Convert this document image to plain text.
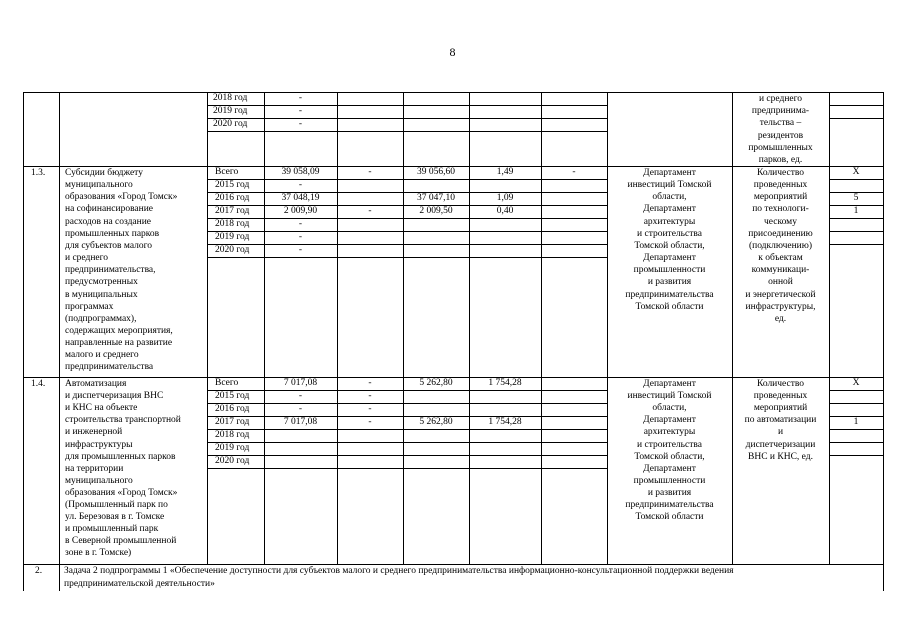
8
2018 год
2019 год
2020 год
-
-
-
и среднего
предпринима-
тельства –
резидентов
промышленных
парков, ед.
1.3. Субсидии бюджету
муниципального
образования «Город Томск»
на софинансирование
расходов на создание
промышленных парков
для субъектов малого
и среднего
предпринимательства,
предусмотренных
в муниципальных
программах
(подпрограммах),
содержащих мероприятия,
направленные на развитие
малого и среднего
предпринимательства
Всего
2015 год
2016 год
2017 год
2018 год
2019 год
2020 год
39 058,09
-
37 048,19
2 009,90
-
-
-
-
-
39 056,60
37 047,10
2 009,50
1,49
1,09
0,40
-	Департамент
инвестиций Томской
области,
Департамент
архитектуры
и строительства
Томской области,
Департамент
промышленности
и развития
предпринимательства
Томской области
Количество
проведенных
мероприятий
по технологи-
ческому
присоединению
(подключению)
к объектам
коммуникаци-
онной
и энергетической
инфраструктуры,
ед.
Х
5
1
1.4. Автоматизация
и диспетчеризация ВНС
и КНС на объекте
строительства транспортной
и инженерной
инфраструктуры
для промышленных парков
на территории
муниципального
образования «Город Томск»
(Промышленный парк по
ул. Березовая в г. Томске
и промышленный парк
в Северной промышленной
зоне в г. Томске)
Всего
2015 год
2016 год
2017 год
2018 год
2019 год
2020 год
7 017,08
-
-
7 017,08
-
-
-
-
5 262,80
5 262,80
1 754,28
1 754,28
Департамент
инвестиций Томской
области,
Департамент
архитектуры
и строительства
Томской области,
Департамент
промышленности
и развития
предпринимательства
Томской области
Количество
проведенных
мероприятий
по автоматизации
и
диспетчеризации
ВНС и КНС, ед.
Х
1
2. Задача 2 подпрограммы 1 «Обеспечение доступности для субъектов малого и среднего предпринимательства информационно-консультационной поддержки ведения
предпринимательской деятельности»
